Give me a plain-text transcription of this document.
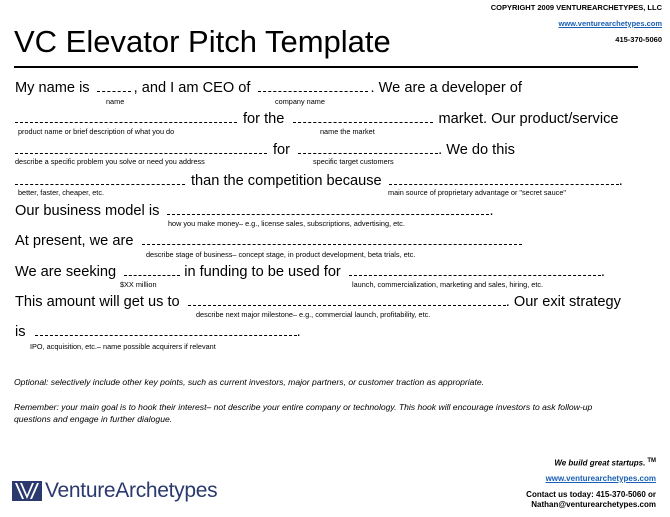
COPYRIGHT 2009 VENTUREARCHETYPES, LLC
www.venturearchetypes.com
415-370-5060
VC Elevator Pitch Template
My name is	, and I am CEO of	. We are a developer of
name	company name
for the	market. Our product/service
product name or brief description of what you do	name the market
for	. We do this
describe a specific problem you solve or need you address	specific target customers
than the competition because	.
better, faster, cheaper, etc.	main source of proprietary advantage or "secret sauce"
Our business model is	.
how you make money– e.g., license sales, subscriptions, advertising, etc.
At present, we are
describe stage of business– concept stage, in product development, beta trials, etc.
We are seeking	in funding to be used for	.
$XX million	launch, commercialization, marketing and sales, hiring, etc.
This amount will get us to	. Our exit strategy
describe next major milestone– e.g., commercial launch, profitability, etc.
is	.
IPO, acquisition, etc.– name possible acquirers if relevant
Optional: selectively include other key points, such as current investors, major partners, or customer traction as appropriate.
Remember: your main goal is to hook their interest– not describe your entire company or technology. This hook will encourage investors to ask follow-up questions and engage in further dialogue.
VentureArchetypes
We build great startups. ™
www.venturearchetypes.com
Contact us today: 415-370-5060 or
Nathan@venturearchetypes.com
